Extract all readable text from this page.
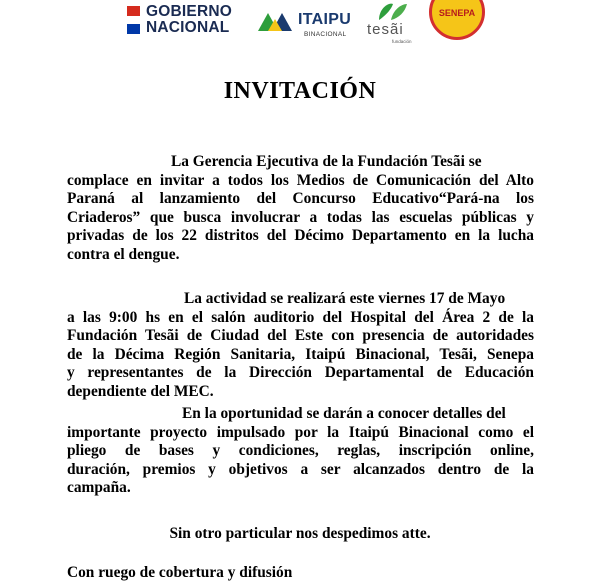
GOBIERNO
NACIONAL	ITAIPU
BINACIONAL tesãi
fundación
SENEPA
INVITACIÓN
La Gerencia Ejecutiva de la Fundación Tesãi se
complace en invitar a todos los Medios de Comunicación del Alto
Paraná al lanzamiento del Concurso Educativo“Pará-na los
Criaderos” que busca involucrar a todas las escuelas públicas y
privadas de los 22 distritos del Décimo Departamento en la lucha
contra el dengue.
La actividad se realizará este viernes 17 de Mayo
a las 9:00 hs en el salón auditorio del Hospital del Área 2 de la
Fundación Tesãi de Ciudad del Este con presencia de autoridades
de la Décima Región Sanitaria, Itaipú Binacional, Tesãi, Senepa
y representantes de la Dirección Departamental de Educación
dependiente del MEC.
En la oportunidad se darán a conocer detalles del
importante proyecto impulsado por la Itaipú Binacional como el
pliego de bases y condiciones, reglas, inscripción online,
duración, premios y objetivos a ser alcanzados dentro de la
campaña.
Sin otro particular nos despedimos atte.
Con ruego de cobertura y difusión
